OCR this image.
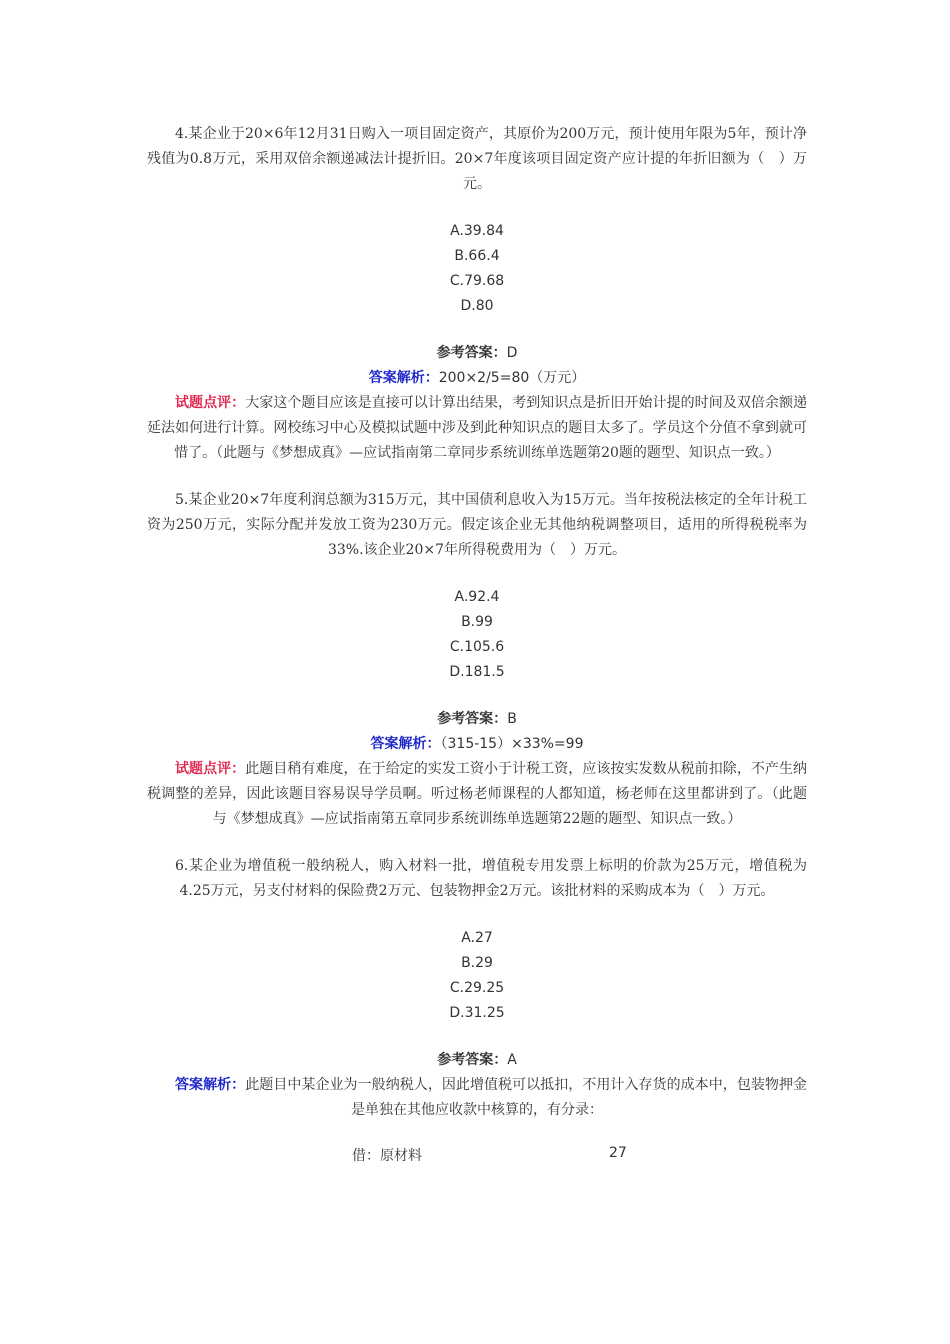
4.某企业于20×6年12月31日购入一项目固定资产，其原价为200万元，预计使用年限为5年，预计净残值为0.8万元，采用双倍余额递减法计提折旧。20×7年度该项目固定资产应计提的年折旧额为（　）万元。

A.39.84

B.66.4

C.79.68

D.80

参考答案：D

答案解析：200×2/5=80（万元）

试题点评：大家这个题目应该是直接可以计算出结果，考到知识点是折旧开始计提的时间及双倍余额递延法如何进行计算。网校练习中心及模拟试题中涉及到此种知识点的题目太多了。学员这个分值不拿到就可惜了。（此题与《梦想成真》—应试指南第二章同步系统训练单选题第20题的题型、知识点一致。）

5.某企业20×7年度利润总额为315万元，其中国债利息收入为15万元。当年按税法核定的全年计税工资为250万元，实际分配并发放工资为230万元。假定该企业无其他纳税调整项目，适用的所得税税率为33%.该企业20×7年所得税费用为（　）万元。

A.92.4

B.99

C.105.6

D.181.5

参考答案：B

答案解析：（315-15）×33%=99

试题点评：此题目稍有难度，在于给定的实发工资小于计税工资，应该按实发数从税前扣除，不产生纳税调整的差异，因此该题目容易误导学员啊。听过杨老师课程的人都知道，杨老师在这里都讲到了。（此题与《梦想成真》—应试指南第五章同步系统训练单选题第22题的题型、知识点一致。）

6.某企业为增值税一般纳税人，购入材料一批，增值税专用发票上标明的价款为25万元，增值税为4.25万元，另支付材料的保险费2万元、包装物押金2万元。该批材料的采购成本为（　）万元。

A.27

B.29

C.29.25

D.31.25

参考答案：A

答案解析：此题目中某企业为一般纳税人，因此增值税可以抵扣，不用计入存货的成本中，包装物押金是单独在其他应收款中核算的，有分录：

借：原材料	27
